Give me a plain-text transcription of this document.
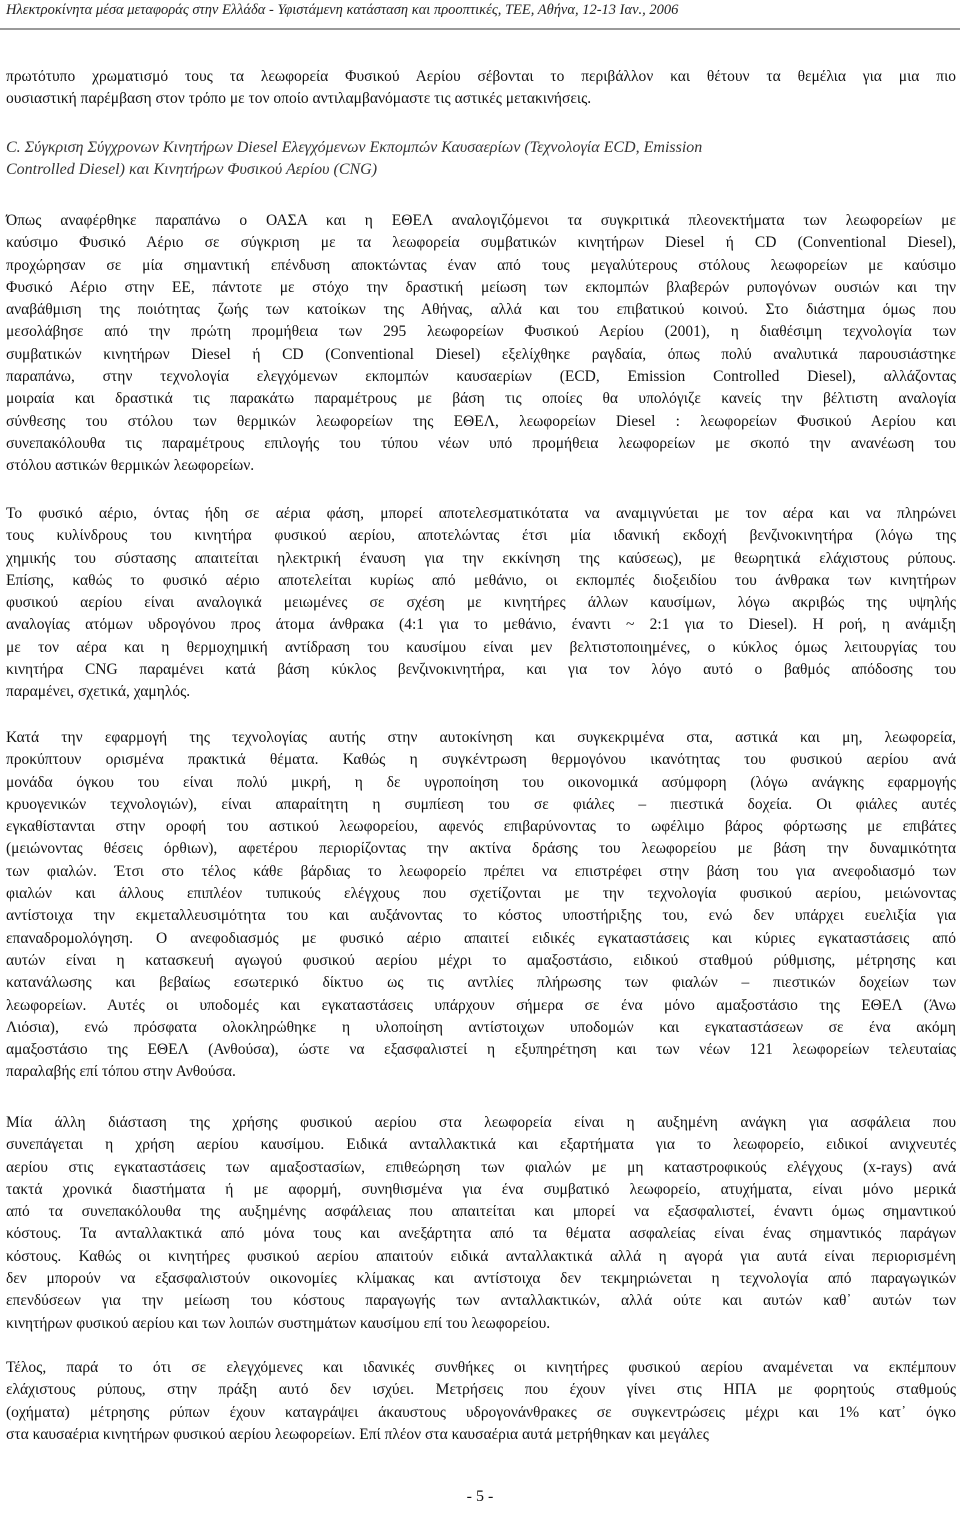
Ηλεκτροκίνητα μέσα μεταφοράς στην Ελλάδα - Υφιστάμενη κατάσταση και προοπτικές, ΤΕΕ, Αθήνα, 12-13 Ιαν., 2006
πρωτότυπο χρωματισμό τους τα λεωφορεία Φυσικού Αερίου σέβονται το περιβάλλον και θέτουν τα θεμέλια για μια πιο
ουσιαστική παρέμβαση στον τρόπο με τον οποίο αντιλαμβανόμαστε τις αστικές μετακινήσεις.
C. Σύγκριση Σύγχρονων Κινητήρων Diesel Ελεγχόμενων Εκπομπών Καυσαερίων (Τεχνολογία ECD, Emission
Controlled Diesel) και Κινητήρων Φυσικού Αερίου (CNG)
Όπως αναφέρθηκε παραπάνω ο ΟΑΣΑ και η ΕΘΕΛ αναλογιζόμενοι τα συγκριτικά πλεονεκτήματα των λεωφορείων με
καύσιμο Φυσικό Αέριο σε σύγκριση με τα λεωφορεία συμβατικών κινητήρων Diesel ή CD (Conventional Diesel),
προχώρησαν σε μία σημαντική επένδυση αποκτώντας έναν από τους μεγαλύτερους στόλους λεωφορείων με καύσιμο
Φυσικό Αέριο στην ΕΕ, πάντοτε με στόχο την δραστική μείωση των εκπομπών βλαβερών ρυπογόνων ουσιών και την
αναβάθμιση της ποιότητας ζωής των κατοίκων της Αθήνας, αλλά και του επιβατικού κοινού. Στο διάστημα όμως που
μεσολάβησε από την πρώτη προμήθεια των 295 λεωφορείων Φυσικού Αερίου (2001), η διαθέσιμη τεχνολογία των
συμβατικών κινητήρων Diesel ή CD (Conventional Diesel) εξελίχθηκε ραγδαία, όπως πολύ αναλυτικά παρουσιάστηκε
παραπάνω, στην τεχνολογία ελεγχόμενων εκπομπών καυσαερίων (ECD, Emission Controlled Diesel), αλλάζοντας
μοιραία και δραστικά τις παρακάτω παραμέτρους με βάση τις οποίες θα υπολόγιζε κανείς την βέλτιστη αναλογία
σύνθεσης του στόλου των θερμικών λεωφορείων της ΕΘΕΛ, λεωφορείων Diesel : λεωφορείων Φυσικού Αερίου και
συνεπακόλουθα τις παραμέτρους επιλογής του τύπου νέων υπό προμήθεια λεωφορείων με σκοπό την ανανέωση του
στόλου αστικών θερμικών λεωφορείων.
Το φυσικό αέριο, όντας ήδη σε αέρια φάση, μπορεί αποτελεσματικότατα να αναμιγνύεται με τον αέρα και να πληρώνει
τους κυλίνδρους του κινητήρα φυσικού αερίου, αποτελώντας έτσι μία ιδανική εκδοχή βενζινοκινητήρα (λόγω της
χημικής του σύστασης απαιτείται ηλεκτρική έναυση για την εκκίνηση της καύσεως), με θεωρητικά ελάχιστους ρύπους.
Επίσης, καθώς το φυσικό αέριο αποτελείται κυρίως από μεθάνιο, οι εκπομπές διοξειδίου του άνθρακα των κινητήρων
φυσικού αερίου είναι αναλογικά μειωμένες σε σχέση με κινητήρες άλλων καυσίμων, λόγω ακριβώς της υψηλής
αναλογίας ατόμων υδρογόνου προς άτομα άνθρακα (4:1 για το μεθάνιο, έναντι ~ 2:1 για το Diesel). Η ροή, η ανάμιξη
με τον αέρα και η θερμοχημική αντίδραση του καυσίμου είναι μεν βελτιστοποιημένες, ο κύκλος όμως λειτουργίας του
κινητήρα CNG παραμένει κατά βάση κύκλος βενζινοκινητήρα, και για τον λόγο αυτό ο βαθμός απόδοσης του
παραμένει, σχετικά, χαμηλός.
Κατά την εφαρμογή της τεχνολογίας αυτής στην αυτοκίνηση και συγκεκριμένα στα, αστικά και μη, λεωφορεία,
προκύπτουν ορισμένα πρακτικά θέματα. Καθώς η συγκέντρωση θερμογόνου ικανότητας του φυσικού αερίου ανά
μονάδα όγκου του είναι πολύ μικρή, η δε υγροποίηση του οικονομικά ασύμφορη (λόγω ανάγκης εφαρμογής
κρυογενικών τεχνολογιών), είναι απαραίτητη η συμπίεση του σε φιάλες – πιεστικά δοχεία. Οι φιάλες αυτές
εγκαθίστανται στην οροφή του αστικού λεωφορείου, αφενός επιβαρύνοντας το ωφέλιμο βάρος φόρτωσης με επιβάτες
(μειώνοντας θέσεις όρθιων), αφετέρου περιορίζοντας την ακτίνα δράσης του λεωφορείου με βάση την δυναμικότητα
των φιαλών. Έτσι στο τέλος κάθε βάρδιας το λεωφορείο πρέπει να επιστρέφει στην βάση του για ανεφοδιασμό των
φιαλών και άλλους επιπλέον τυπικούς ελέγχους που σχετίζονται με την τεχνολογία φυσικού αερίου, μειώνοντας
αντίστοιχα την εκμεταλλευσιμότητα του και αυξάνοντας το κόστος υποστήριξης του, ενώ δεν υπάρχει ευελιξία για
επαναδρομολόγηση. Ο ανεφοδιασμός με φυσικό αέριο απαιτεί ειδικές εγκαταστάσεις και κύριες εγκαταστάσεις από
αυτών είναι η κατασκευή αγωγού φυσικού αερίου μέχρι το αμαξοστάσιο, ειδικού σταθμού ρύθμισης, μέτρησης και
κατανάλωσης και βεβαίως εσωτερικό δίκτυο ως τις αντλίες πλήρωσης των φιαλών – πιεστικών δοχείων των
λεωφορείων. Αυτές οι υποδομές και εγκαταστάσεις υπάρχουν σήμερα σε ένα μόνο αμαξοστάσιο της ΕΘΕΛ (Άνω
Λιόσια), ενώ πρόσφατα ολοκληρώθηκε η υλοποίηση αντίστοιχων υποδομών και εγκαταστάσεων σε ένα ακόμη
αμαξοστάσιο της ΕΘΕΛ (Ανθούσα), ώστε να εξασφαλιστεί η εξυπηρέτηση και των νέων 121 λεωφορείων τελευταίας
παραλαβής επί τόπου στην Ανθούσα.
Μία άλλη διάσταση της χρήσης φυσικού αερίου στα λεωφορεία είναι η αυξημένη ανάγκη για ασφάλεια που
συνεπάγεται η χρήση αερίου καυσίμου. Ειδικά ανταλλακτικά και εξαρτήματα για το λεωφορείο, ειδικοί ανιχνευτές
αερίου στις εγκαταστάσεις των αμαξοστασίων, επιθεώρηση των φιαλών με μη καταστροφικούς ελέγχους (x-rays) ανά
τακτά χρονικά διαστήματα ή με αφορμή, συνηθισμένα για ένα συμβατικό λεωφορείο, ατυχήματα, είναι μόνο μερικά
από τα συνεπακόλουθα της αυξημένης ασφάλειας που απαιτείται και μπορεί να εξασφαλιστεί, έναντι όμως σημαντικού
κόστους. Τα ανταλλακτικά από μόνα τους και ανεξάρτητα από τα θέματα ασφαλείας είναι ένας σημαντικός παράγων
κόστους. Καθώς οι κινητήρες φυσικού αερίου απαιτούν ειδικά ανταλλακτικά αλλά η αγορά για αυτά είναι περιορισμένη
δεν μπορούν να εξασφαλιστούν οικονομίες κλίμακας και αντίστοιχα δεν τεκμηριώνεται η τεχνολογία από παραγωγικών
επενδύσεων για την μείωση του κόστους παραγωγής των ανταλλακτικών, αλλά ούτε και αυτών καθ᾽ αυτών των
κινητήρων φυσικού αερίου και των λοιπών συστημάτων καυσίμου επί του λεωφορείου.
Τέλος, παρά το ότι σε ελεγχόμενες και ιδανικές συνθήκες οι κινητήρες φυσικού αερίου αναμένεται να εκπέμπουν
ελάχιστους ρύπους, στην πράξη αυτό δεν ισχύει. Μετρήσεις που έχουν γίνει στις ΗΠΑ με φορητούς σταθμούς
(οχήματα) μέτρησης ρύπων έχουν καταγράψει άκαυστους υδρογονάνθρακες σε συγκεντρώσεις μέχρι και 1% κατ᾽ όγκο
στα καυσαέρια κινητήρων φυσικού αερίου λεωφορείων. Επί πλέον στα καυσαέρια αυτά μετρήθηκαν και μεγάλες
- 5 -
